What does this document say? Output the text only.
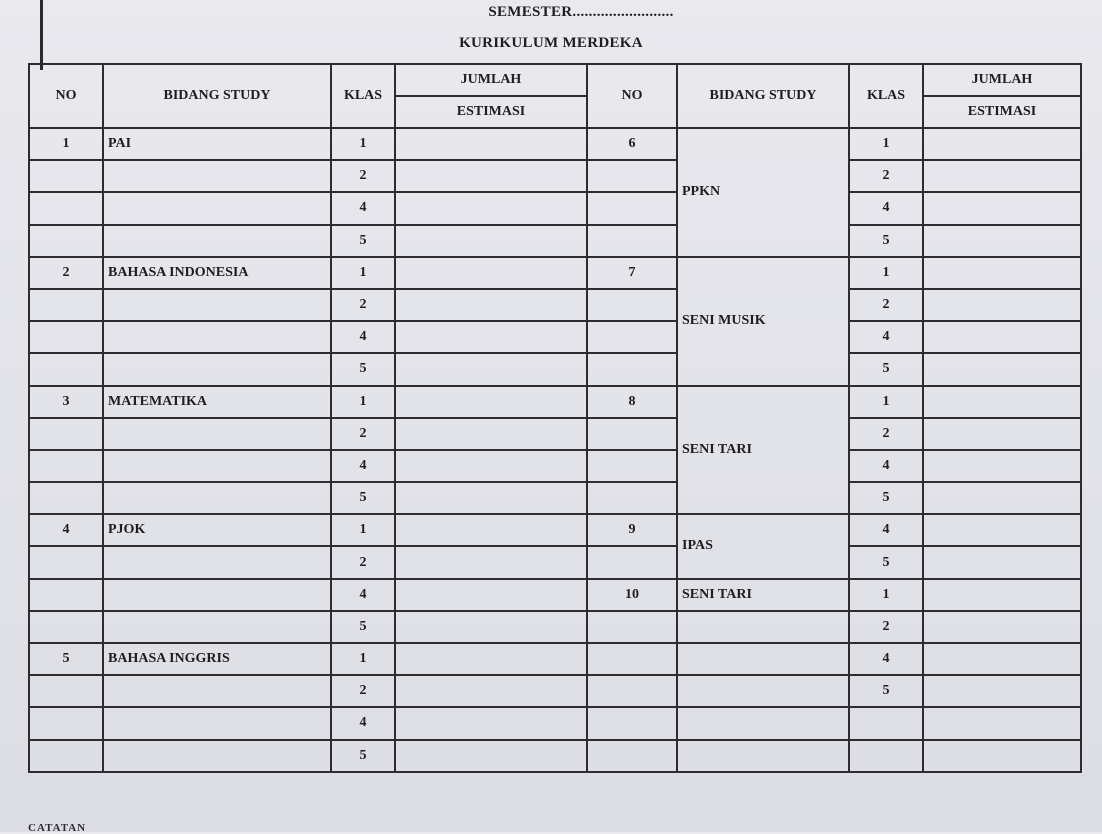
SEMESTER.........................
KURIKULUM MERDEKA
NO	BIDANG STUDY	KLAS	JUMLAH	NO	BIDANG STUDY	KLAS	JUMLAH
			ESTIMASI				ESTIMASI
1	PAI	1		6	PPKN	1	
		2				2	
		4				4	
		5				5	
2	BAHASA INDONESIA	1		7	SENI MUSIK	1	
		2				2	
		4				4	
		5				5	
3	MATEMATIKA	1		8	SENI TARI	1	
		2				2	
		4				4	
		5				5	
4	PJOK	1		9	IPAS	4	
		2				5	
		4		10	SENI TARI	1	
		5				2	
5	BAHASA INGGRIS	1				4	
		2				5	
		4					
		5					
CATATAN
